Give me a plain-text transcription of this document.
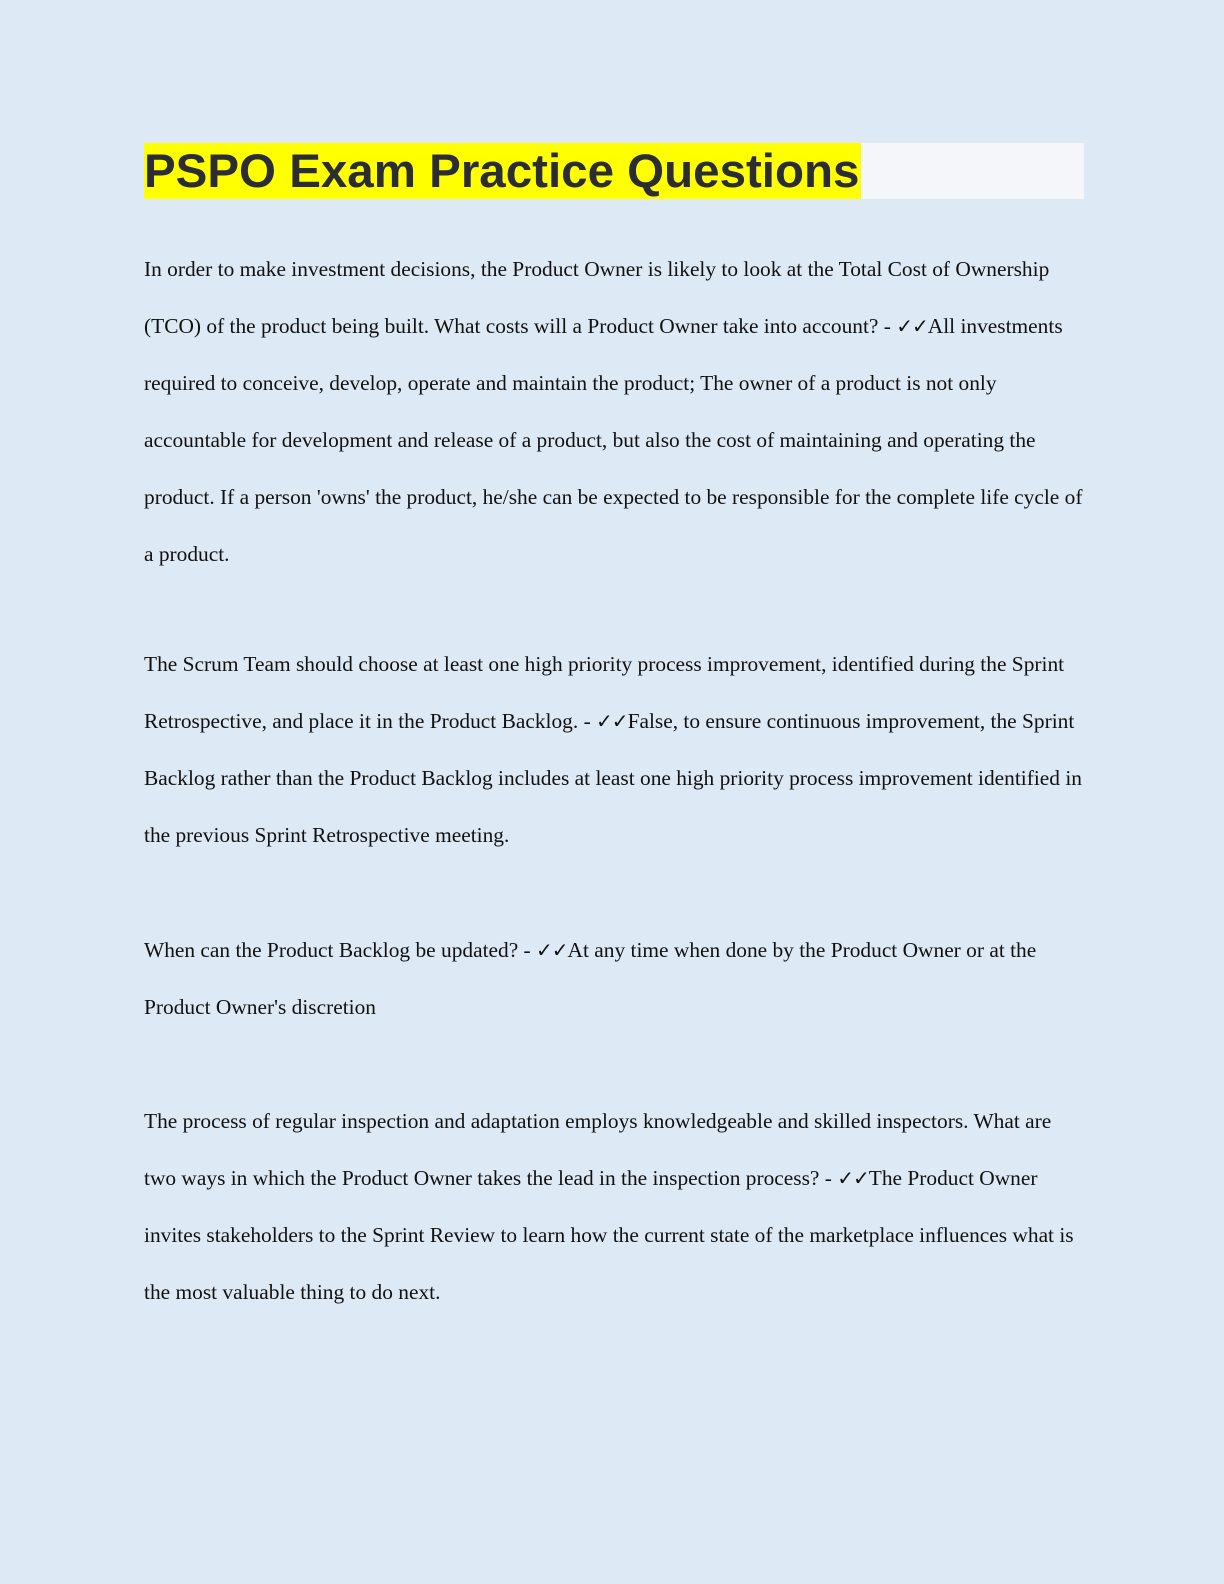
PSPO Exam Practice Questions

In order to make investment decisions, the Product Owner is likely to look at the Total Cost of Ownership (TCO) of the product being built. What costs will a Product Owner take into account? - ✓✓All investments required to conceive, develop, operate and maintain the product; The owner of a product is not only accountable for development and release of a product, but also the cost of maintaining and operating the product. If a person 'owns' the product, he/she can be expected to be responsible for the complete life cycle of a product.

The Scrum Team should choose at least one high priority process improvement, identified during the Sprint Retrospective, and place it in the Product Backlog. - ✓✓False, to ensure continuous improvement, the Sprint Backlog rather than the Product Backlog includes at least one high priority process improvement identified in the previous Sprint Retrospective meeting.

When can the Product Backlog be updated? - ✓✓At any time when done by the Product Owner or at the Product Owner's discretion

The process of regular inspection and adaptation employs knowledgeable and skilled inspectors. What are two ways in which the Product Owner takes the lead in the inspection process? - ✓✓The Product Owner invites stakeholders to the Sprint Review to learn how the current state of the marketplace influences what is the most valuable thing to do next.
